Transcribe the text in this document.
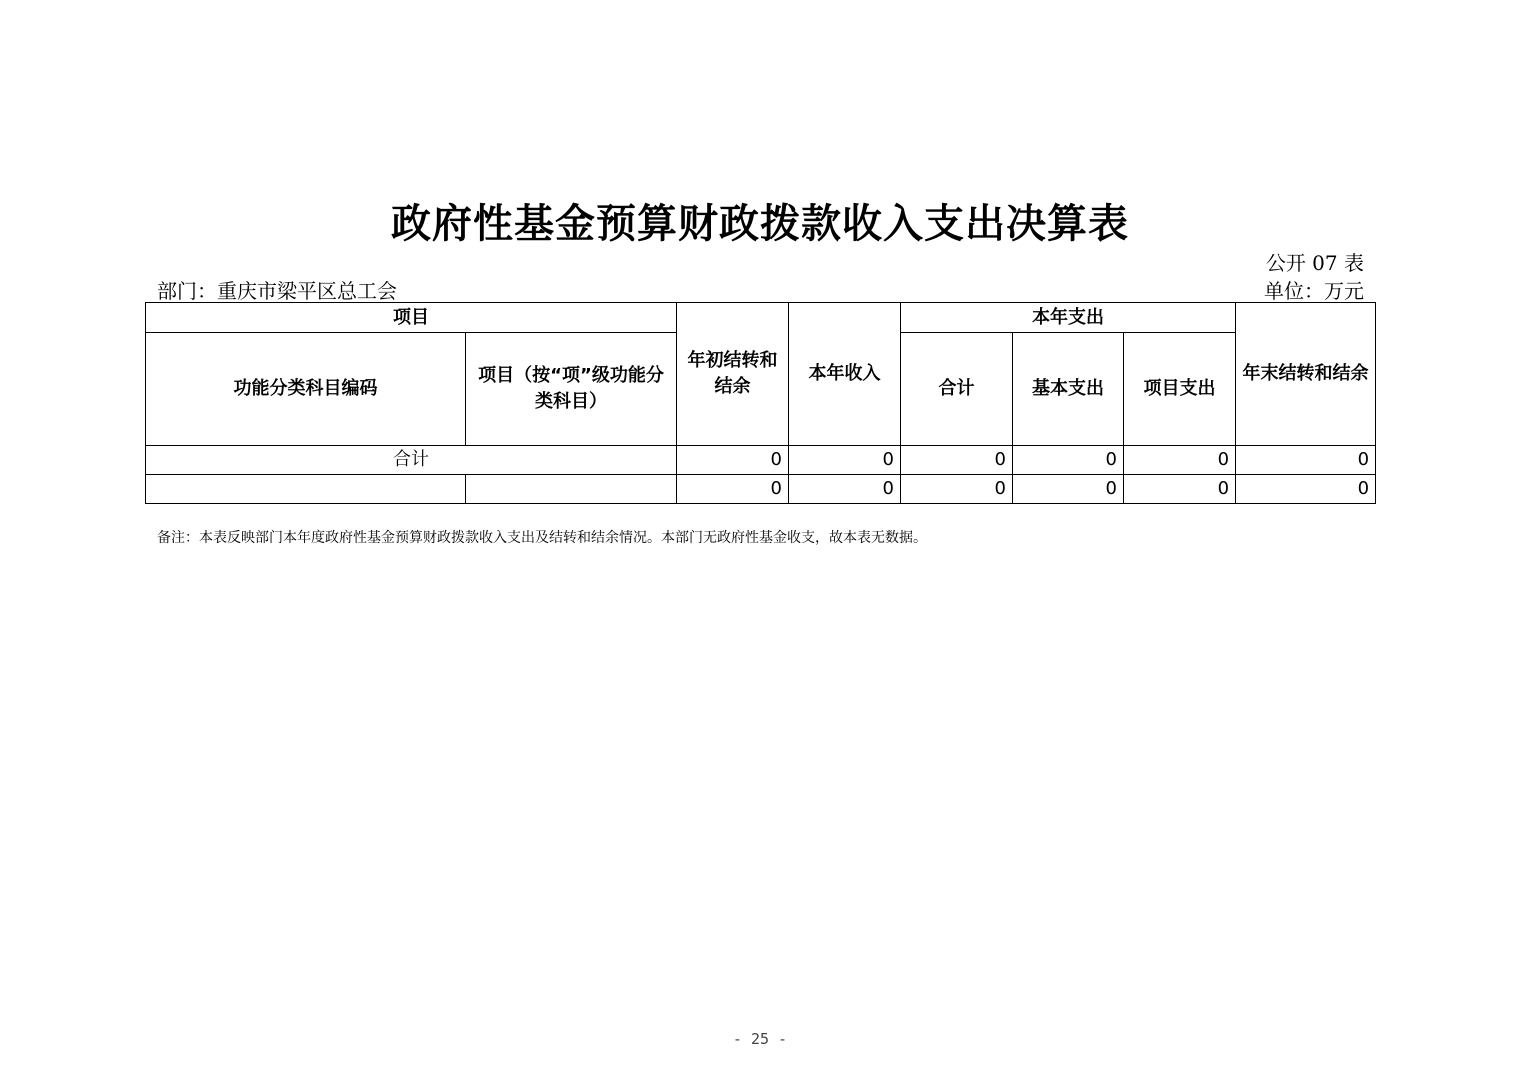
政府性基金预算财政拨款收入支出决算表
公开 07 表
部门：重庆市梁平区总工会	单位：万元
项目		年初结转和结余	本年收入	本年支出			年末结转和结余
功能分类科目编码	项目（按“项”级功能分类科目）			合计	基本支出	项目支出	
合计		0	0	0	0	0	0
		0	0	0	0	0	0
备注：本表反映部门本年度政府性基金预算财政拨款收入支出及结转和结余情况。本部门无政府性基金收支，故本表无数据。
- 25 -
